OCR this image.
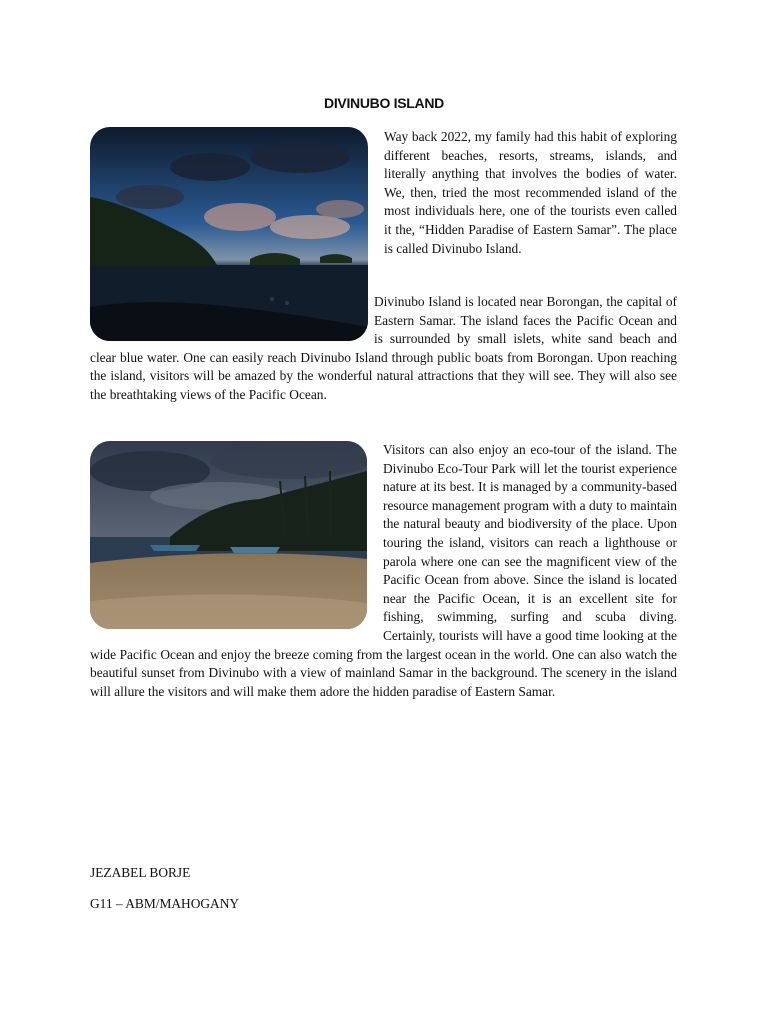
DIVINUBO ISLAND
Way back 2022, my family had this habit of exploring different beaches, resorts, streams, islands, and literally anything that involves the bodies of water. We, then, tried the most recommended island of the most individuals here, one of the tourists even called it the, “Hidden Paradise of Eastern Samar”. The place is called Divinubo Island.
Divinubo Island is located near Borongan, the capital of Eastern Samar. The island faces the Pacific Ocean and is surrounded by small islets, white sand beach and clear blue water. One can easily reach Divinubo Island through public boats from Borongan. Upon reaching the island, visitors will be amazed by the wonderful natural attractions that they will see. They will also see the breathtaking views of the Pacific Ocean.
Visitors can also enjoy an eco-tour of the island. The Divinubo Eco-Tour Park will let the tourist experience nature at its best. It is managed by a community-based resource management program with a duty to maintain the natural beauty and biodiversity of the place. Upon touring the island, visitors can reach a lighthouse or parola where one can see the magnificent view of the Pacific Ocean from above. Since the island is located near the Pacific Ocean, it is an excellent site for fishing, swimming, surfing and scuba diving. Certainly, tourists will have a good time looking at the wide Pacific Ocean and enjoy the breeze coming from the largest ocean in the world. One can also watch the beautiful sunset from Divinubo with a view of mainland Samar in the background. The scenery in the island will allure the visitors and will make them adore the hidden paradise of Eastern Samar.

JEZABEL BORJE

G11 – ABM/MAHOGANY
